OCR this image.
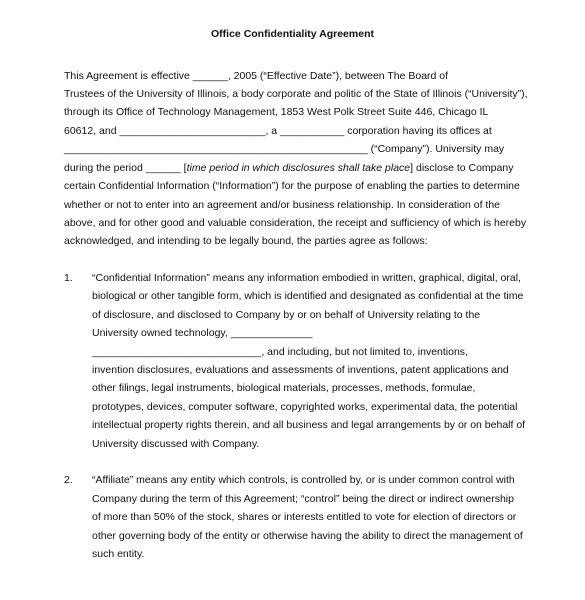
Office Confidentiality Agreement
This Agreement is effective ______, 2005 (“Effective Date”), between The Board of
Trustees of the University of Illinois, a body corporate and politic of the State of Illinois (“University”),
through its Office of Technology Management, 1853 West Polk Street Suite 446, Chicago IL
60612, and _________________________, a ___________ corporation having its offices at
____________________________________________________ (“Company”). University may
during the period ______ [time period in which disclosures shall take place] disclose to Company
certain Confidential Information (“Information”) for the purpose of enabling the parties to determine
whether or not to enter into an agreement and/or business relationship. In consideration of the
above, and for other good and valuable consideration, the receipt and sufficiency of which is hereby
acknowledged, and intending to be legally bound, the parties agree as follows:
1. “Confidential Information” means any information embodied in written, graphical, digital, oral,
biological or other tangible form, which is identified and designated as confidential at the time
of disclosure, and disclosed to Company by or on behalf of University relating to the
University owned technology, ______________
_____________________________, and including, but not limited to, inventions,
invention disclosures, evaluations and assessments of inventions, patent applications and
other filings, legal instruments, biological materials, processes, methods, formulae,
prototypes, devices, computer software, copyrighted works, experimental data, the potential
intellectual property rights therein, and all business and legal arrangements by or on behalf of
University discussed with Company.
2. “Affiliate” means any entity which controls, is controlled by, or is under common control with
Company during the term of this Agreement; “control” being the direct or indirect ownership
of more than 50% of the stock, shares or interests entitled to vote for election of directors or
other governing body of the entity or otherwise having the ability to direct the management of
such entity.
